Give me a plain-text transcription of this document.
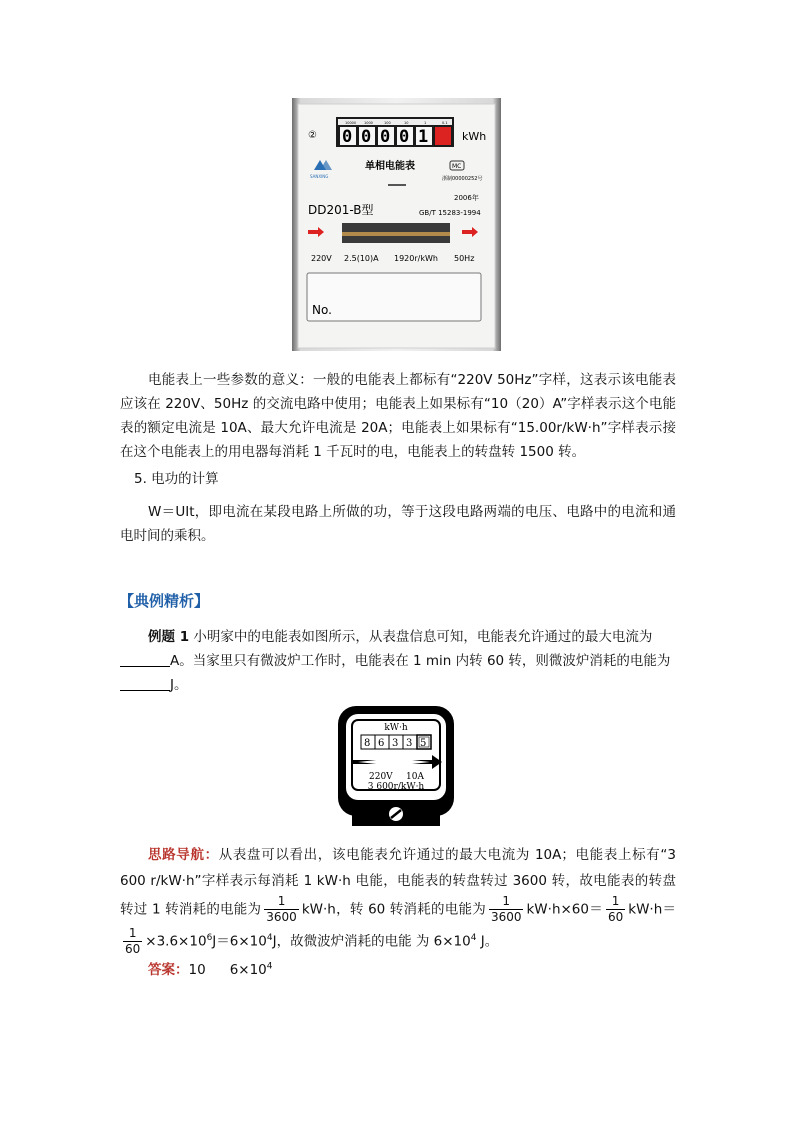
②
10000 1000	100	10	1	0.1
0 0 0 0 1	kWh
SANXING
单相电能表	MC
浙制00000252号
2006年
DD201-B型	GB/T 15283-1994
220V 2.5(10)A 1920r/kWh 50Hz
No.
电能表上一些参数的意义：一般的电能表上都标有“220V 50Hz”字样，这表示该电能表应该在 220V、50Hz 的交流电路中使用；电能表上如果标有“10（20）A”字样表示这个电能表的额定电流是 10A、最大允许电流是 20A；电能表上如果标有“15.00r/kW·h”字样表示接在这个电能表上的用电器每消耗 1 千瓦时的电，电能表上的转盘转 1500 转。
5. 电功的计算
W＝UIt，即电流在某段电路上所做的功，等于这段电路两端的电压、电路中的电流和通电时间的乘积。
【典例精析】
例题 1 小明家中的电能表如图所示，从表盘信息可知，电能表允许通过的最大电流为
A。当家里只有微波炉工作时，电能表在 1 min 内转 60 转，则微波炉消耗的电能为
J。
kW·h
8 6 3 3 5
220V 10A
3 600r/kW·h
思路导航：从表盘可以看出，该电能表允许通过的最大电流为 10A；电能表上标有“3 600 r/kW·h”字样表示每消耗 1 kW·h 电能，电能表的转盘转过 3600 转，故电能表的转盘转过 1 转消耗的电能为 $\frac{1}{3600} kW\cdot h$，转 60 转消耗的电能为 $\frac{1}{3600} kW\cdot h\times 60= \frac{1}{60} kW\cdot h=$
$\frac{1}{60} \times 3.6\times 10^6J=6\times 10^4J$，故微波炉消耗的电能 为 $6\times 10^4$ J。
答案：10 $6\times 10^4$
